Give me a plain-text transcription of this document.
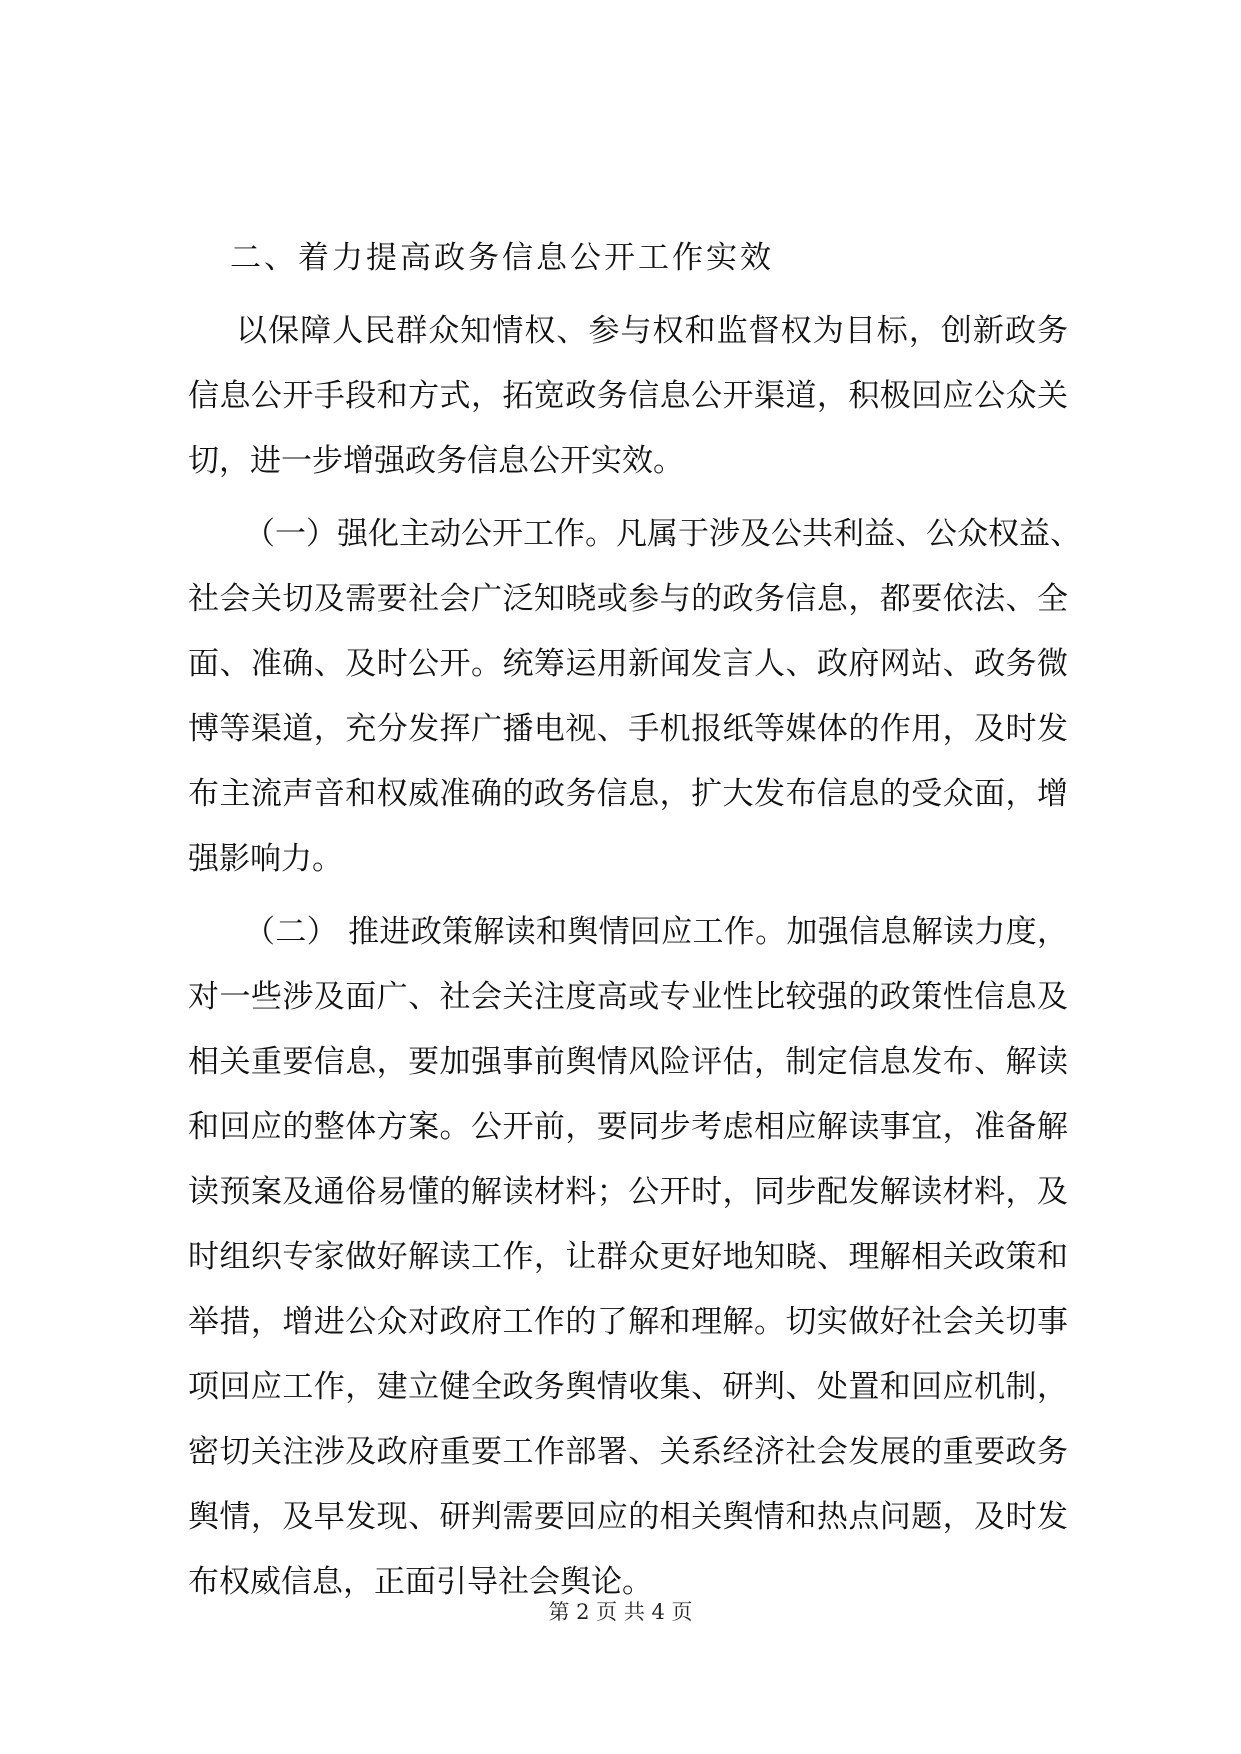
二、着力提高政务信息公开工作实效
以保障人民群众知情权、参与权和监督权为目标，创新政务
信息公开手段和方式，拓宽政务信息公开渠道，积极回应公众关
切，进一步增强政务信息公开实效。
（一）强化主动公开工作。凡属于涉及公共利益、公众权益、
社会关切及需要社会广泛知晓或参与的政务信息，都要依法、全
面、准确、及时公开。统筹运用新闻发言人、政府网站、政务微
博等渠道，充分发挥广播电视、手机报纸等媒体的作用，及时发
布主流声音和权威准确的政务信息，扩大发布信息的受众面，增
强影响力。
（二） 推进政策解读和舆情回应工作。加强信息解读力度，
对一些涉及面广、社会关注度高或专业性比较强的政策性信息及
相关重要信息，要加强事前舆情风险评估，制定信息发布、解读
和回应的整体方案。公开前，要同步考虑相应解读事宜，准备解
读预案及通俗易懂的解读材料；公开时，同步配发解读材料，及
时组织专家做好解读工作，让群众更好地知晓、理解相关政策和
举措，增进公众对政府工作的了解和理解。切实做好社会关切事
项回应工作，建立健全政务舆情收集、研判、处置和回应机制，
密切关注涉及政府重要工作部署、关系经济社会发展的重要政务
舆情，及早发现、研判需要回应的相关舆情和热点问题，及时发
布权威信息，正面引导社会舆论。
第 2 页 共 4 页
